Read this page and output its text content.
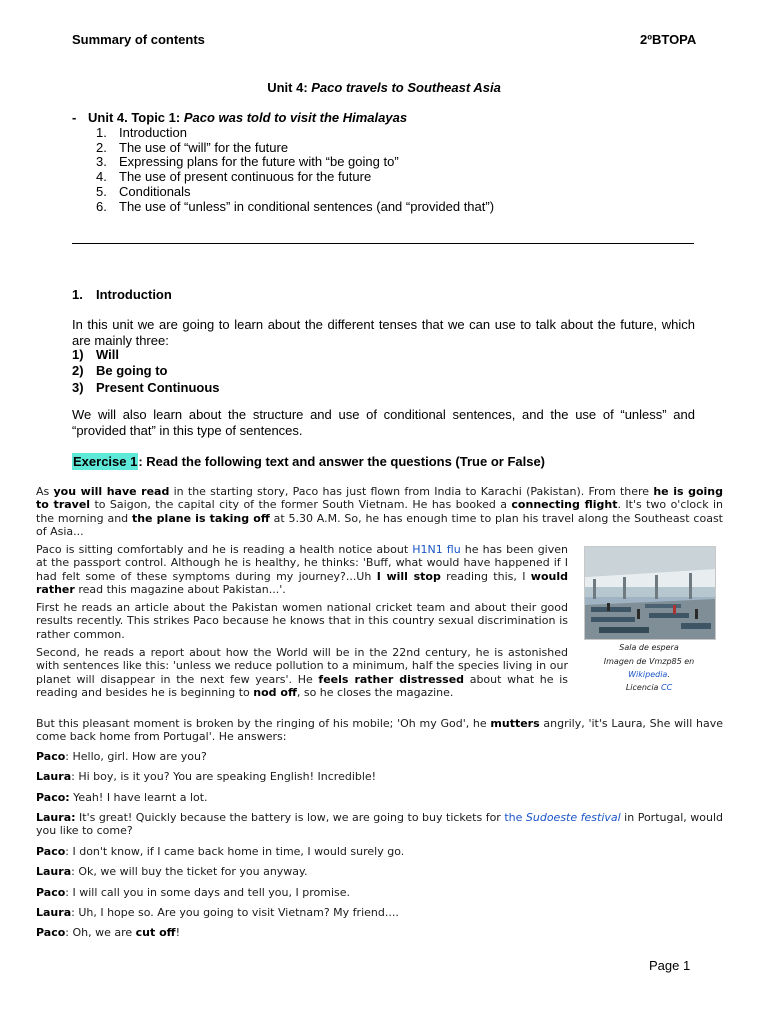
Summary of contents	2ºBTOPA
Unit 4: Paco travels to Southeast Asia
- Unit 4. Topic 1: Paco was told to visit the Himalayas
1. Introduction
2. The use of “will” for the future
3. Expressing plans for the future with “be going to”
4. The use of present continuous for the future
5. Conditionals
6. The use of “unless” in conditional sentences (and “provided that”)
1. Introduction
In this unit we are going to learn about the different tenses that we can use to talk about the future, which are mainly three:
1) Will
2) Be going to
3) Present Continuous
We will also learn about the structure and use of conditional sentences, and the use of “unless” and “provided that” in this type of sentences.
Exercise 1: Read the following text and answer the questions (True or False)
As you will have read in the starting story, Paco has just flown from India to Karachi (Pakistan). From there he is going to travel to Saigon, the capital city of the former South Vietnam. He has booked a connecting flight. It's two o'clock in the morning and the plane is taking off at 5.30 A.M. So, he has enough time to plan his travel along the Southeast coast of Asia...
Paco is sitting comfortably and he is reading a health notice about H1N1 flu he has been given at the passport control. Although he is healthy, he thinks: 'Buff, what would have happened if I had felt some of these symptoms during my journey?...Uh I will stop reading this, I would rather read this magazine about Pakistan...'.
First he reads an article about the Pakistan women national cricket team and about their good results recently. This strikes Paco because he knows that in this country sexual discrimination is rather common.
Second, he reads a report about how the World will be in the 22nd century, he is astonished with sentences like this: 'unless we reduce pollution to a minimum, half the species living in our planet will disappear in the next few years'. He feels rather distressed about what he is reading and besides he is beginning to nod off, so he closes the magazine.
But this pleasant moment is broken by the ringing of his mobile; 'Oh my God', he mutters angrily, 'it's Laura, She will have come back home from Portugal'. He answers:
Paco: Hello, girl. How are you?
Laura: Hi boy, is it you? You are speaking English! Incredible!
Paco: Yeah! I have learnt a lot.
Laura: It's great! Quickly because the battery is low, we are going to buy tickets for the Sudoeste festival in Portugal, would you like to come?
Paco: I don't know, if I came back home in time, I would surely go.
Laura: Ok, we will buy the ticket for you anyway.
Paco: I will call you in some days and tell you, I promise.
Laura: Uh, I hope so. Are you going to visit Vietnam? My friend....
Paco: Oh, we are cut off!
Sala de espera
Imagen de Vmzp85 en
Wikipedia.
Licencia CC
Page 1
